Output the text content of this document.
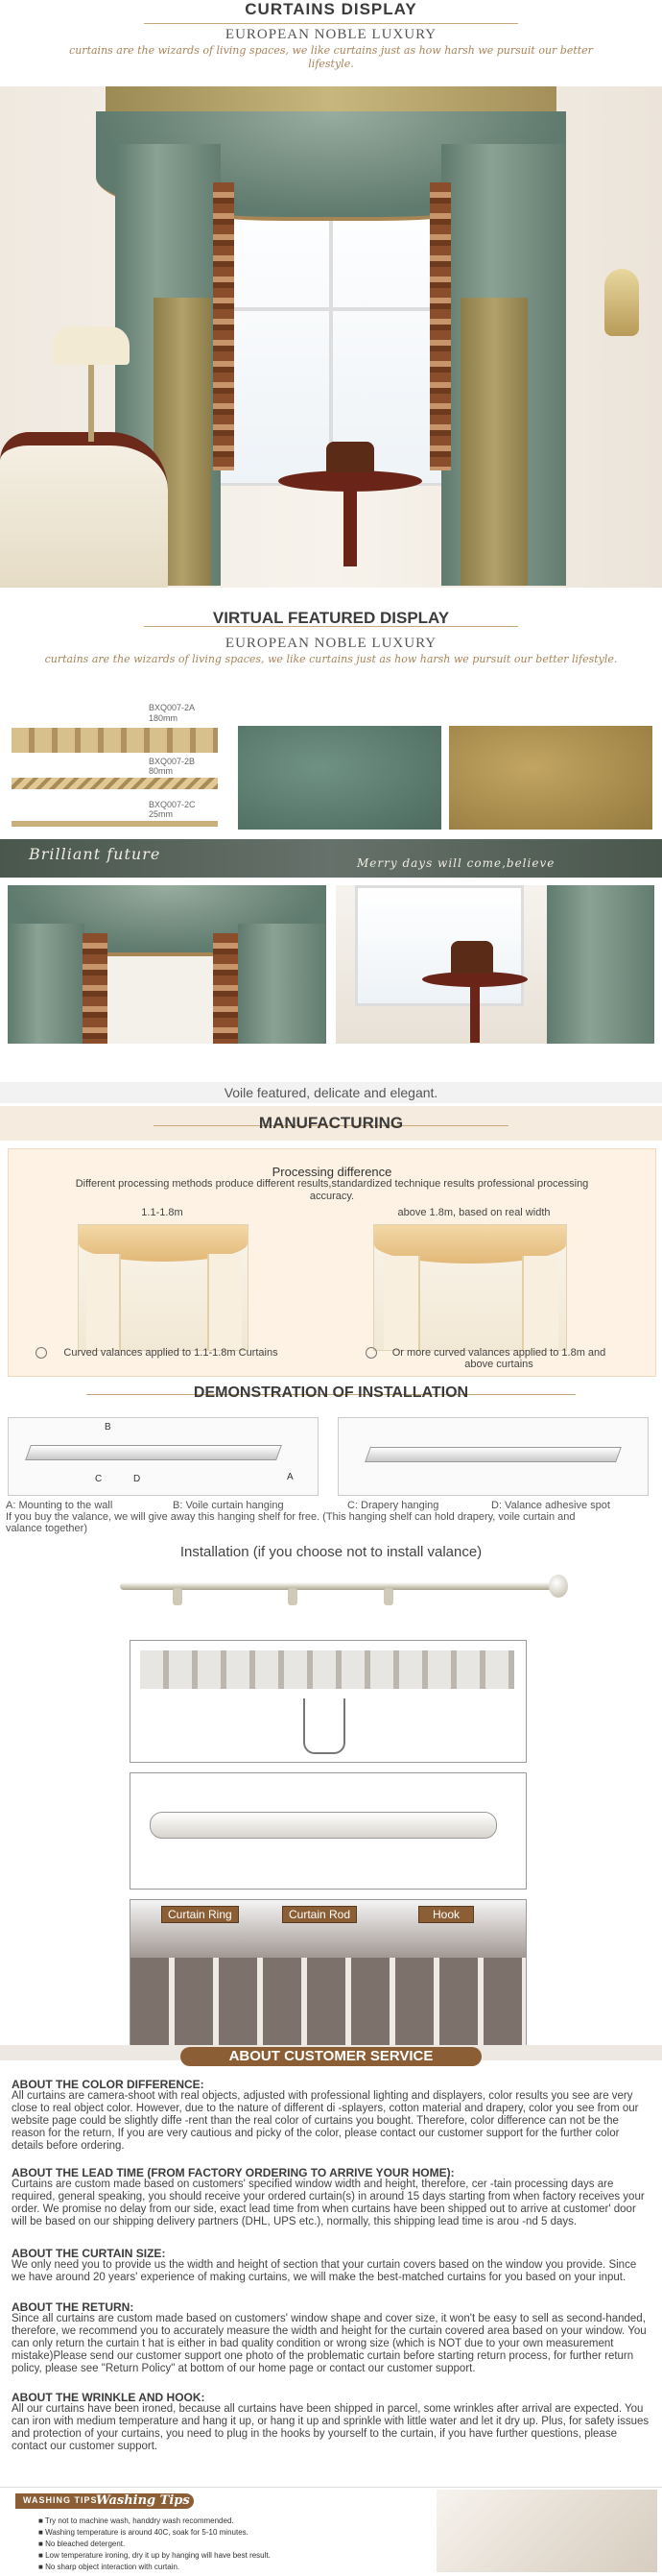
CURTAINS DISPLAY
EUROPEAN NOBLE LUXURY
curtains are the wizards of living spaces, we like curtains just as how harsh we pursuit our better lifestyle.
VIRTUAL FEATURED DISPLAY
EUROPEAN NOBLE LUXURY
curtains are the wizards of living spaces, we like curtains just as how harsh we pursuit our better lifestyle.
BXQ007-2A
180mm
BXQ007-2B
80mm
BXQ007-2C
25mm
Brilliant future	Merry days will come,believe
Voile featured, delicate and elegant.
MANUFACTURING
Processing difference
Different processing methods produce different results,standardized technique results professional processing accuracy.
1.1-1.8m	above 1.8m, based on real width
Curved valances applied to 1.1-1.8m Curtains	Or more curved valances applied to 1.8m and above curtains
DEMONSTRATION OF INSTALLATION
A
B
C	D
A: Mounting to the wall	B: Voile curtain hanging	C: Drapery hanging	D: Valance adhesive spot
If you buy the valance, we will give away this hanging shelf for free. (This hanging shelf can hold drapery, voile curtain and valance together)
Installation (if you choose not to install valance)
Curtain Ring	Curtain Rod	Hook
ABOUT CUSTOMER SERVICE
ABOUT THE COLOR DIFFERENCE:
All curtains are camera-shoot with real objects, adjusted with professional lighting and displayers, color results you see are very close to real object color. However, due to the nature of different di -splayers, cotton material and drapery, color you see from our website page could be slightly diffe -rent than the real color of curtains you bought. Therefore, color difference can not be the reason for the return, If you are very cautious and picky of the color, please contact our customer support for the further color details before ordering.
ABOUT THE LEAD TIME (FROM FACTORY ORDERING TO ARRIVE YOUR HOME):
Curtains are custom made based on customers' specified window width and height, therefore, cer -tain processing days are required, general speaking, you should receive your ordered curtain(s) in around 15 days starting from when factory receives your order. We promise no delay from our side, exact lead time from when curtains have been shipped out to arrive at customer' door will be based on our shipping delivery partners (DHL, UPS etc.), normally, this shipping lead time is arou -nd 5 days.
ABOUT THE CURTAIN SIZE:
We only need you to provide us the width and height of section that your curtain covers based on the window you provide. Since we have around 20 years' experience of making curtains, we will make the best-matched curtains for you based on your input.
ABOUT THE RETURN:
Since all curtains are custom made based on customers' window shape and cover size, it won't be easy to sell as second-handed, therefore, we recommend you to accurately measure the width and height for the curtain covered area based on your window. You can only return the curtain t hat is either in bad quality condition or wrong size (which is NOT due to your own measurement mistake)Please send our customer support one photo of the problematic curtain before starting return process, for further return policy, please see "Return Policy" at bottom of our home page or contact our customer support.
ABOUT THE WRINKLE AND HOOK:
All our curtains have been ironed, because all curtains have been shipped in parcel, some wrinkles after arrival are expected. You can iron with medium temperature and hang it up, or hang it up and sprinkle with little water and let it dry up. Plus, for safety issues and protection of your curtains, you need to plug in the hooks by yourself to the curtain, if you have further questions, please contact our customer support.
WASHING TIPS
Washing Tips
■ Try not to machine wash, handdry wash recommended.
■ Washing temperature is around 40C, soak for 5-10 minutes.
■ No bleached detergent.
■ Low temperature ironing, dry it up by hanging will have best result.
■ No sharp object interaction with curtain.
